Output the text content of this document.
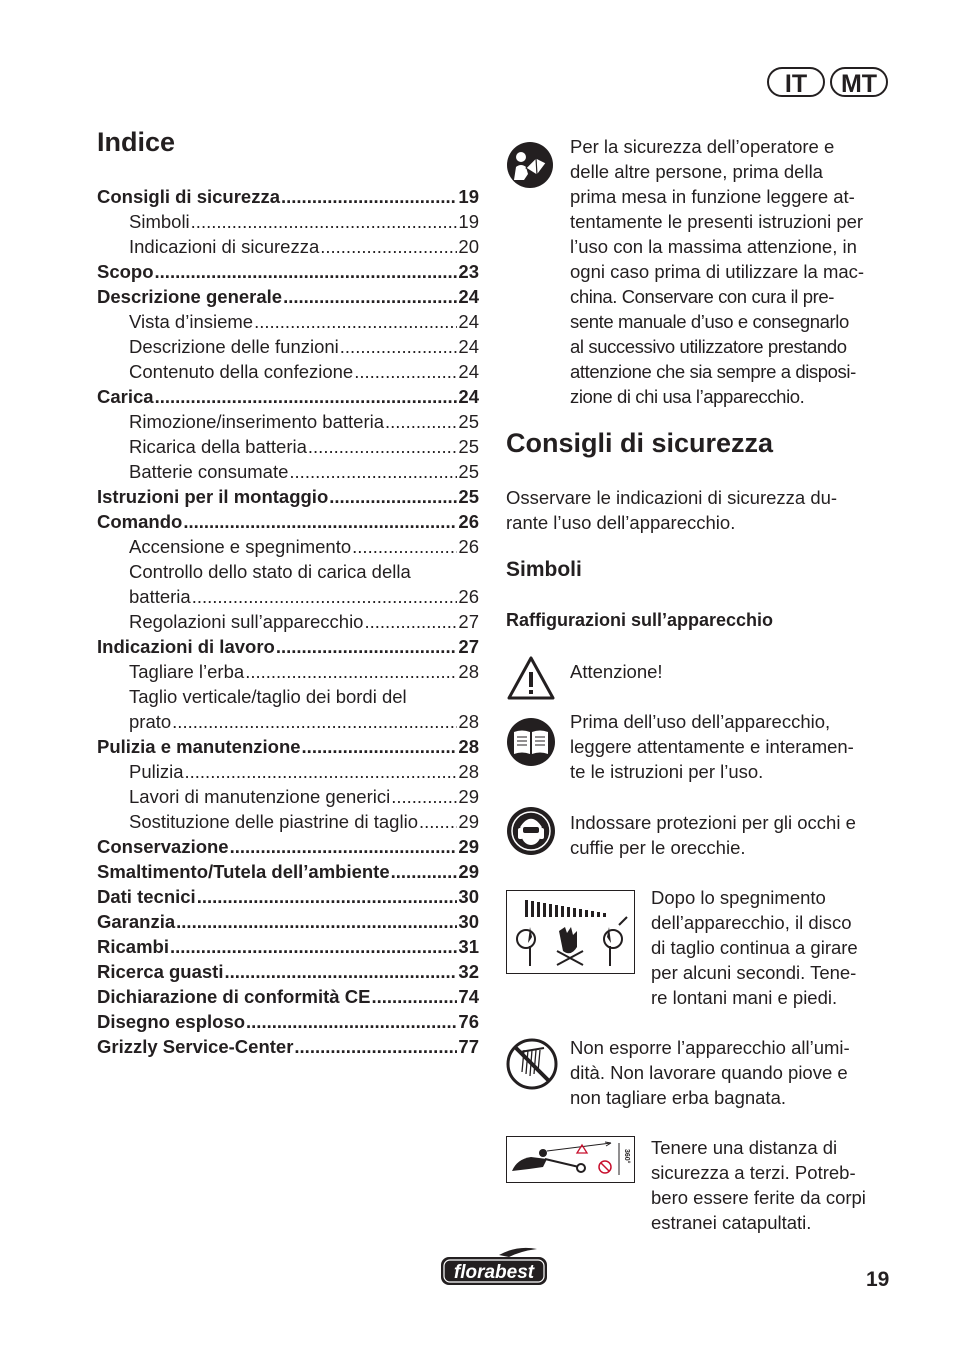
IT	MT
Indice
Consigli di sicurezza .....	19
Simboli .....	19
Indicazioni di sicurezza .....	20
Scopo .....	23
Descrizione generale .....	24
Vista d’insieme .....	24
Descrizione delle funzioni .....	24
Contenuto della confezione .....	24
Carica .....	24
Rimozione/inserimento batteria .....	25
Ricarica della batteria .....	25
Batterie consumate .....	25
Istruzioni per il montaggio .....	25
Comando .....	26
Accensione e spegnimento .....	26
Controllo dello stato di carica della
batteria .....	26
Regolazioni sull’apparecchio .....	27
Indicazioni di lavoro .....	27
Tagliare l’erba .....	28
Taglio verticale/taglio dei bordi del
prato .....	28
Pulizia e manutenzione .....	28
Pulizia .....	28
Lavori di manutenzione generici .....	29
Sostituzione delle piastrine di taglio ..... 29
Conservazione .....	29
Smaltimento/Tutela dell’ambiente .....	29
Dati tecnici .....	30
Garanzia .....	30
Ricambi .....	31
Ricerca guasti .....	32
Dichiarazione di conformità CE .....	74
Disegno esploso .....	76
Grizzly Service-Center .....	77

Per la sicurezza dell’operatore e
delle altre persone, prima della
prima mesa in funzione leggere at-
tentamente le presenti istruzioni per
l’uso con la massima attenzione, in
ogni caso prima di utilizzare la mac-
china. Conservare con cura il pre-
sente manuale d’uso e consegnarlo
al successivo utilizzatore prestando
attenzione che sia sempre a disposi-
zione di chi usa l’apparecchio.

Consigli di sicurezza

Osservare le indicazioni di sicurezza du-
rante l’uso dell’apparecchio.

Simboli
Raffigurazioni sull’apparecchio

Attenzione!

Prima dell’uso dell’apparecchio,
leggere attentamente e interamen-
te le istruzioni per l’uso.

Indossare protezioni per gli occhi e
cuffie per le orecchie.

Dopo lo spegnimento
dell’apparecchio, il disco
di taglio continua a girare
per alcuni secondi. Tene-
re lontani mani e piedi.

Non esporre l’apparecchio all’umi-
dità. Non lavorare quando piove e
non tagliare erba bagnata.

360° Tenere una distanza di
sicurezza a terzi. Potreb-
bero essere ferite da corpi
estranei catapultati.

florabest	19
